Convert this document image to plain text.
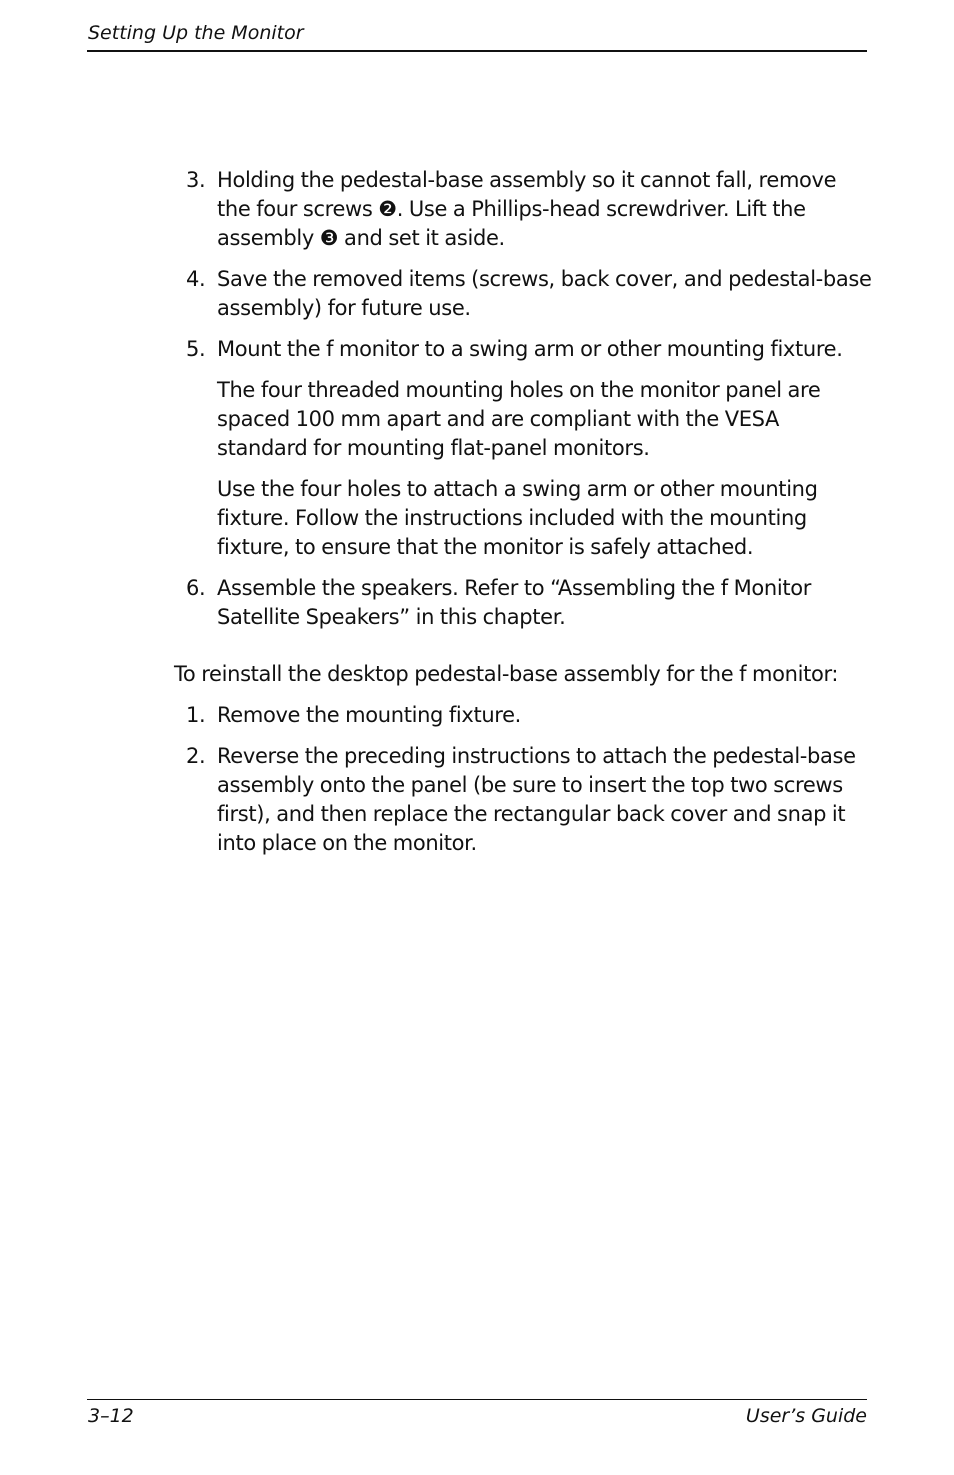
Setting Up the Monitor
3. Holding the pedestal-base assembly so it cannot fall, remove the four screws ❷. Use a Phillips-head screwdriver. Lift the assembly ❸ and set it aside.
4. Save the removed items (screws, back cover, and pedestal-base assembly) for future use.
5. Mount the f monitor to a swing arm or other mounting fixture.

The four threaded mounting holes on the monitor panel are spaced 100 mm apart and are compliant with the VESA standard for mounting flat-panel monitors.

Use the four holes to attach a swing arm or other mounting fixture. Follow the instructions included with the mounting fixture, to ensure that the monitor is safely attached.

6. Assemble the speakers. Refer to “Assembling the f Monitor Satellite Speakers” in this chapter.

To reinstall the desktop pedestal-base assembly for the f monitor:

1. Remove the mounting fixture.
2. Reverse the preceding instructions to attach the pedestal-base assembly onto the panel (be sure to insert the top two screws first), and then replace the rectangular back cover and snap it into place on the monitor.
3–12	User’s Guide
